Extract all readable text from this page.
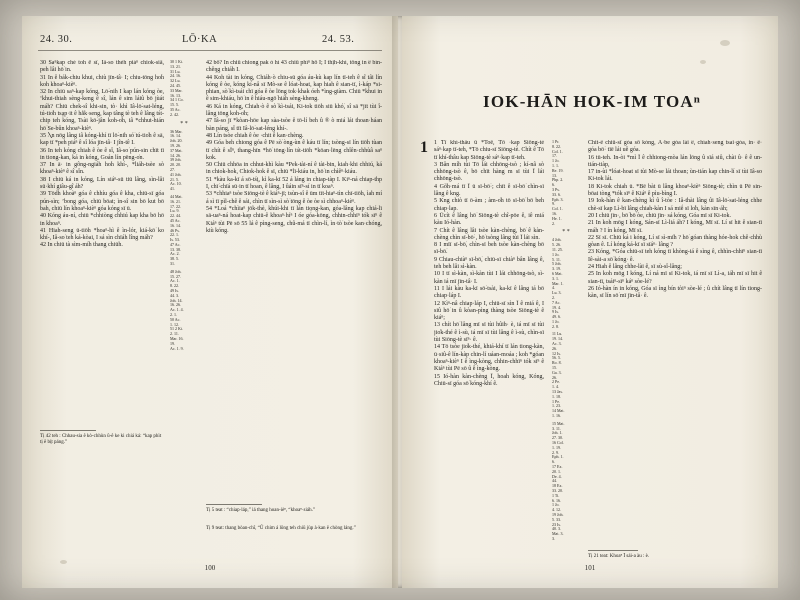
24. 30.	LŌ·KA	24. 53.

30 Saⁿkap chè toh ë sî, Iâ-so͘ thèh piáⁿ chiok-siā, peh lâi hō͘ in.

31 In ê bák-chiu khui, chiù jīn-tâ· I; chiu-tōng ho͘h koh khoaⁿ-kièⁿ.

32 In chiū saⁿ-kap kóng, Lō͘-nih I kap lán kóng òe, ‘khui-thiah sèng-keng ê sî, lán ê sim láiû bō jùát máh? Chiū chek-sî khi-sin, tò· khì Iâ-lō͘-sat-léng, tú-tio̍h tsḁp·it ê hắk·seng, kap tâng tè teh ê lâng tśt-chip teh kóng, Tsài kō͘-jân koh-o̍h, iâ *chhut-hián hō͘ Se-bûn khoaⁿ-kièⁿ.

35 Ⲗn nōg lâng iâ kóng-khí tī lō͘-nih só͘ tú-tio̍h ê sā, kap tī *peh piáⁿ ê sî lóa jīn-tâ· I jîn-tê I.

36 In teh kóng chiah ê òe ê sî, Iâ-so͘ pún-sin chīt tī in tiong-kan, ká in kóng, Goán lín pëng-o̍n.

37 In ā· in gông-ngiáh ho͘h khí-, *liáh-tsèe sò͘ khoaⁿ-kièⁿ ê sî sîn.

38 I chiū ká in kóng, Lín siáⁿ-sū tiū lâng, sìn-lâi sū·khí giâu-gî áh?

39 Tōdh khoàⁿ góa ê chhíu góa ê kha, chiū-sī góa pún-sìn; ʼbong góa, chiū bōat; ìn-sî sin bō kut bō bah, chiū lín khoaⁿ-kièⁿ góa kóng sī ū.

40 Kóng áu-ní, chiū *chhiòng chhiú kap kha bō hō͘ in khoaⁿ.

41 Hiah-seng ū-tiōh *hoaⁿ-hì ê ìn-lór, kiá-kō͘ ko khí-, Iâ-so͘ teh ká-kòai, I sá sìn chīáh lîng máh?

42 In chiū tà sìm-míh thang chiūh.

Tị 42 teh : Chhau-sia ê kò-chhùn û-ê ke ki chiá ká: “kap phìt tị ê bí̤t páng.”
30 1 Ki.
13. 21.
31 Lu.
24. 16.
32 Lu.
24. 45.
33 Mar.
16. 13.
34 1 Co.
15. 5.
35 Ac.
2. 42.
* *
36 Mar.
16. 14.
Joh. 20.
19. 26.
37 Mat.
14. 26.
39 Joh.
20. 20.
27.
41 Joh.
21. 5.
Ac. 10.
41.
44 Mat.
16. 21.
17. 22.
Lu. 9.
22. 44.
45 Ac.
16. 14.
46 Ps.
22. 1.
Is. 53.
47 Ac.
13. 38.
Ac. 2.
38. 5.
31.
48 Joh.
15. 27.
Ac. 1.
8. 22.
49 Is.
44. 3.
Joh. 14.
16. 26.
Ac. 1. 4.
2. 1.
50 Ac.
1. 12.
51 2 Ki.
2. 11.
Mar. 16.
19.
Ac. 1. 9.

42 bō? In chiū chiong pak ò hí 43 chiū phíⁿ hō͘ I; I thịh-khí, tōng in ê bín-chêŋg chiáh I.

44 Koh tài in kóng, Chiáh·ò chiu-sū góa áu-kù kap lín tī‑teh ê sî tâi lín kóng ê òe, kóng kí‑nâ sī Mò-se ê lóat-hoat, kap hiah ê sian-tī, ì-káp *si-phian, sò͘ kì-tsái chī góa ê òe lōng tok·khak óeh *ìng-giàm. Chiū *khui in ê sim-khiáu, hō͘ in ê hiáu-ngō͘ hiáh sèng-kheng.

46 Ká in kóng, Chiah·ò ê sò͘ kì-tsái, Ki-tok tiōh siū khó͘, sî sā *jīt tùi î-lâng tōng koh-o̍h;

47 Iâ-so͘ jī *kòan-hōe kap sàa-tsòe ê tō-lí beh û ® ò miá lái thoan·háan bàn páng, sî tīt Iâ-lō͘-sat-léng khí-.

48 Lín tsòe chiah ê òe ·chit ê kan·chèng.

49 Góa beh chiong góa ê Pē sò͘ òng-ùn ê káu tī lín; tsòng-sī lín tiōh tùan tī chít ê sĪⁿ, thang-hīn *hō͘ tōng·lín tśt-tiōh *kōan·lēng chîên·chhùâ saⁿ kok.

50 Chiū chhōa in chhut-khì kàu *Pek-tài-ní ê tài-bin, kiah·khi chhiú, ká in chiok-hok, Chiok-hok ê sī, chiū *lī-kiáu in, hō͘ in chìêⁿ·kiáu.

51 *kàu ka-kī á sō-tśi̤, kì ka-kī 52 á láng in chiap-tàp I. Kiⁿ-ná chiap-thp I, chī͘·chīá sū·in tī hoan, ê lâng, I ûáin sīⁿ-sí in tī koaⁿ.

53 *chhiaⁿ tsòe Siōng-tè ê kiáⁿ-jī; tsùn-sî ê ūm tīt-hiaⁿ-tìn chī-tiōh, ìah mí á sì tī pìl-chê ê sái, chìn tī sìn-sì sò͘ tōng ê òe òe sì chhoaⁿ-kièⁿ.

54 *Loá *chìiaⁿ jōk-thè, khúi-khi tī lán tio̤ng-kan, góa-lâng kap chiá-lī sā-uaⁿ-ná hoat-kap chiū-ê khoaⁿ·híⁿ I óe góa-kōng, chhin-chhīⁿ tók sīⁿ ê Kiáⁿ tùi Pē sō 55 lá ê pìng-seng, chû-má tī chìn-lí, ìn·tò͘ tsòe kan·chóng, kiù kóng.

Tị 5 teat : “chiap·láp,” iá thang hoan-ièⁿ, “khoaⁿ·siáh.”
Tị 9 teat: thang bòan-chî, “Û chim á lōng teh chiū jùp à·kan ê chòng láng.”
100
IOK-HĀN HOK-IM TOAⁿ
1 1 Tī khí-thâu ū *Toē, Tō ·kap Siōng-tè sáⁿ·kap tī‑teh, *Tō chiu-sī Siōng-tè. Chít ê Tō tī khí-thâu kap Siōng-tè sáⁿ·kap tī‑teh.

3 Bân míh tùi Tō lái chhōng-tsò ; kí‑nâ sò͘ chhōng-tsò ê, bō chīt hàng m sī tùi Ī lái chhōng-tsò.

4 Gò̍h·má tī Ī ū sī‑bō͘·; chīt ê sī‑bō͘ chìn-sī lâng ê kng.

5 Kng chiò tī ō-àm ; àm-o̍h tō sī‑bō͘ bō beh chiap·lap.

6 Ūcít ê lâng hō͘ Siōng-tè chî-pōe ê, iê miá kàu Ió-hàn.

7 Chít ê lâng lâi tsòe kàn-chèng, bō͘ ê kàn-chèng chìn sī‑bō͘·, hō͘ tsòng lâng tùi Ī lái sìn.

8 I mīī sī‑bō͘, chìn-sī beh tsòe kàn-chèng bō͘ sī‑bō͘.

9 Chiau-chiàⁿ sī‑bō͘, chiū-sī chiàⁿ bân lâng ê, teh beh lâi sì-kàn.

10 I tī sì-kàn, sì-kàn tùi I lái chhōng-tsò, sì-kàn iá mī jīn-tâ· I.

11 I lái kàu ka-kī sō͘-tsài, ka-kī ê lâng iá bō chiap·láp I.

12 Kìⁿ-nâ chiap·láp I, chiū-sī sìn Ī ê miá ê, I siû hō͘ in û kòan-pìng thàng tsòe Siōng-tè ê kiáⁿ;

13 chít hō͘ lâng mī sī tùi hûih· è, iá mī sī tùi jio̍k-thé ê ì-sù, iá mī sī tùi lâng ê ì-sù, chìn-sī tùi Siōng-tè sīⁿ· ê.

14 Tō tsòe jio̍k-thé, khiá-khí tī lán tiong-kàn, ū·siû-ê lín-kàp chin-lí uáan-moáa ; koh *góan khoaⁿ-kièⁿ I ê ìng-kòng, chhin-chhīⁿ tók sīⁿ ê Kiáⁿ tùi Pē sō û ê ìng-kòng.

15 Ió-hàn kàn-chèng Ī, hoah kóng, Kóng, Chiū-sī góa sō͘ kóng-khí ê.

1 Pr.
8. 22.
Col. 1.
17.
1 Jo.
1. 1.
Re. 19.
13.
Php. 2.
6.
3 Ps.
33. 6.
Eph. 3.
9.
Col. 1.
16.
He. 1.
2.
* *
4 Joh.
5. 26.
11. 25.
1 Jo.
5. 11.
5 Joh.
3. 19.
6 Mat.
3. 1.
Mar. 1.
4.
Lu. 3.
2.
7 Ac.
19. 4.
9 Is.
49. 6.
1 Jo.
2. 8.
11 Lu.
19. 14.
Ac. 3.
26.
12 Is.
56. 5.
Ro. 8.
15.
Ga. 3.
26.
2 Pe.
1. 4.
13 Jas.
1. 18.
1 Pe.
1. 23.
14 Mat.
1. 16.
15 Mat.
3. 11.
Joh. 1.
27. 30.
16 Col.
1. 19.
2. 9.
Eph. 1.
6.
17 Ex.
20. 1.
De. 4.
44.
18 Ex.
33. 20.
1 Ti.
6. 16.
1 Jo.
4. 12.
19 Joh.
5. 33.
23 Is.
40. 3.
Mat. 3.
3.

Chit-ê chiū-sī góa sō͘ kóng, À·be góa lái ê, chíah·seng tsai·góa, in· ê· góa bō͘· tīē lái uê góa.

16 tū-teh. In-òi *mì Ī ê chhiong-mòa lán lōng û sīá siû, chài û· ê ê un-tián-tiàp,

17 in-ùi *lóat-hoat sī tùi Mò-se lái thoan; ùn-tián kap chin-lí sī tùi Iâ-so͘ Ki-tok lái.

18 Ki-tok chiah ū. *Bē bàt ū lâng khoaⁿ-kièⁿ Siōng-tè; chìn ū Pē sin-bōai tòng *tók sīⁿ ê Kiáⁿ ê pìu-bìng I.

19 Iok-hàn ê kan-chèng kí û î-tòe : Iâ-thài lâng ûi Iâ-lō͘-sat-léng chhe chè-sī kap Lì-bī lâng chiah-kàn I sá miḗ sī lo̍h, kàn sīn·áh;

20 I chiū jīn·, bō͘ bō͘ òe, chiū jīn· sá kóng, Góa mī sī Ki-tok.

21 In koh mōg I kóng, Sán-sī Lì-liá áh? I kóng, Mī sī. Lí sī hit ê sian-tī máh ? I ín kóng, Mī sī.

22 Sī sī. Chiū ká i kóng, Lí sī sì-mi̍h ? hō͘ góan thàng hóe-hok chê·chhù gòan ê. Lí kóng ká-kī sī sīáⁿ· lâng ?

23 Kóng, *Góa chiū-sī teh kóng tī khòng-iá ê sìng ê, chhìn-chhīⁿ sian-tī Iê-sài-a sō͘ kóng· ê.

24 Hiah ê lâng chhe-lài ê, sī sù-sî-lâng;

25 In koh mōg I kóng, Lí ná mī sī Ki-tok, iá mī sī Lì-a, iáh mī sī hit ê sian-tī, tsáiⁿ-sīⁿ káⁿ sòe-lé?

26 Ió-hàn ín in kóng, Góa sī ìng bín tòiⁿ sòe-lé ; û chít lâng tī lín tiong-kàn, sī lín sō͘ mī jīn-tâ· ê.

Tị 21 teat: Khoaⁿ Ī sái-a àu : è.
101
